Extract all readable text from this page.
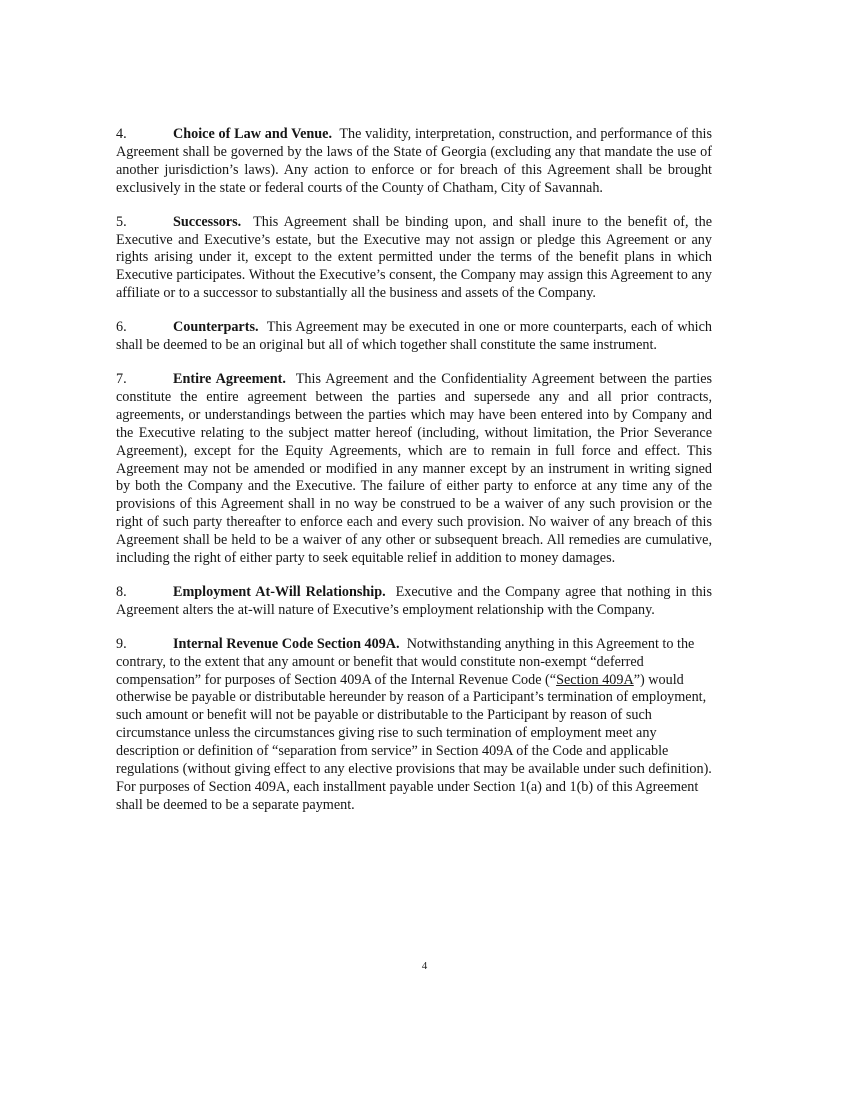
4.	Choice of Law and Venue. The validity, interpretation, construction, and performance of this Agreement shall be governed by the laws of the State of Georgia (excluding any that mandate the use of another jurisdiction’s laws). Any action to enforce or for breach of this Agreement shall be brought exclusively in the state or federal courts of the County of Chatham, City of Savannah.

5.	Successors. This Agreement shall be binding upon, and shall inure to the benefit of, the Executive and Executive’s estate, but the Executive may not assign or pledge this Agreement or any rights arising under it, except to the extent permitted under the terms of the benefit plans in which Executive participates. Without the Executive’s consent, the Company may assign this Agreement to any affiliate or to a successor to substantially all the business and assets of the Company.

6.	Counterparts. This Agreement may be executed in one or more counterparts, each of which shall be deemed to be an original but all of which together shall constitute the same instrument.

7.	Entire Agreement. This Agreement and the Confidentiality Agreement between the parties constitute the entire agreement between the parties and supersede any and all prior contracts, agreements, or understandings between the parties which may have been entered into by Company and the Executive relating to the subject matter hereof (including, without limitation, the Prior Severance Agreement), except for the Equity Agreements, which are to remain in full force and effect. This Agreement may not be amended or modified in any manner except by an instrument in writing signed by both the Company and the Executive. The failure of either party to enforce at any time any of the provisions of this Agreement shall in no way be construed to be a waiver of any such provision or the right of such party thereafter to enforce each and every such provision. No waiver of any breach of this Agreement shall be held to be a waiver of any other or subsequent breach. All remedies are cumulative, including the right of either party to seek equitable relief in addition to money damages.

8.	Employment At-Will Relationship. Executive and the Company agree that nothing in this Agreement alters the at-will nature of Executive’s employment relationship with the Company.

9.	Internal Revenue Code Section 409A. Notwithstanding anything in this Agreement to the contrary, to the extent that any amount or benefit that would constitute non-exempt “deferred compensation” for purposes of Section 409A of the Internal Revenue Code (“Section 409A”) would otherwise be payable or distributable hereunder by reason of a Participant’s termination of employment, such amount or benefit will not be payable or distributable to the Participant by reason of such circumstance unless the circumstances giving rise to such termination of employment meet any description or definition of “separation from service” in Section 409A of the Code and applicable regulations (without giving effect to any elective provisions that may be available under such definition). For purposes of Section 409A, each installment payable under Section 1(a) and 1(b) of this Agreement shall be deemed to be a separate payment.

4
